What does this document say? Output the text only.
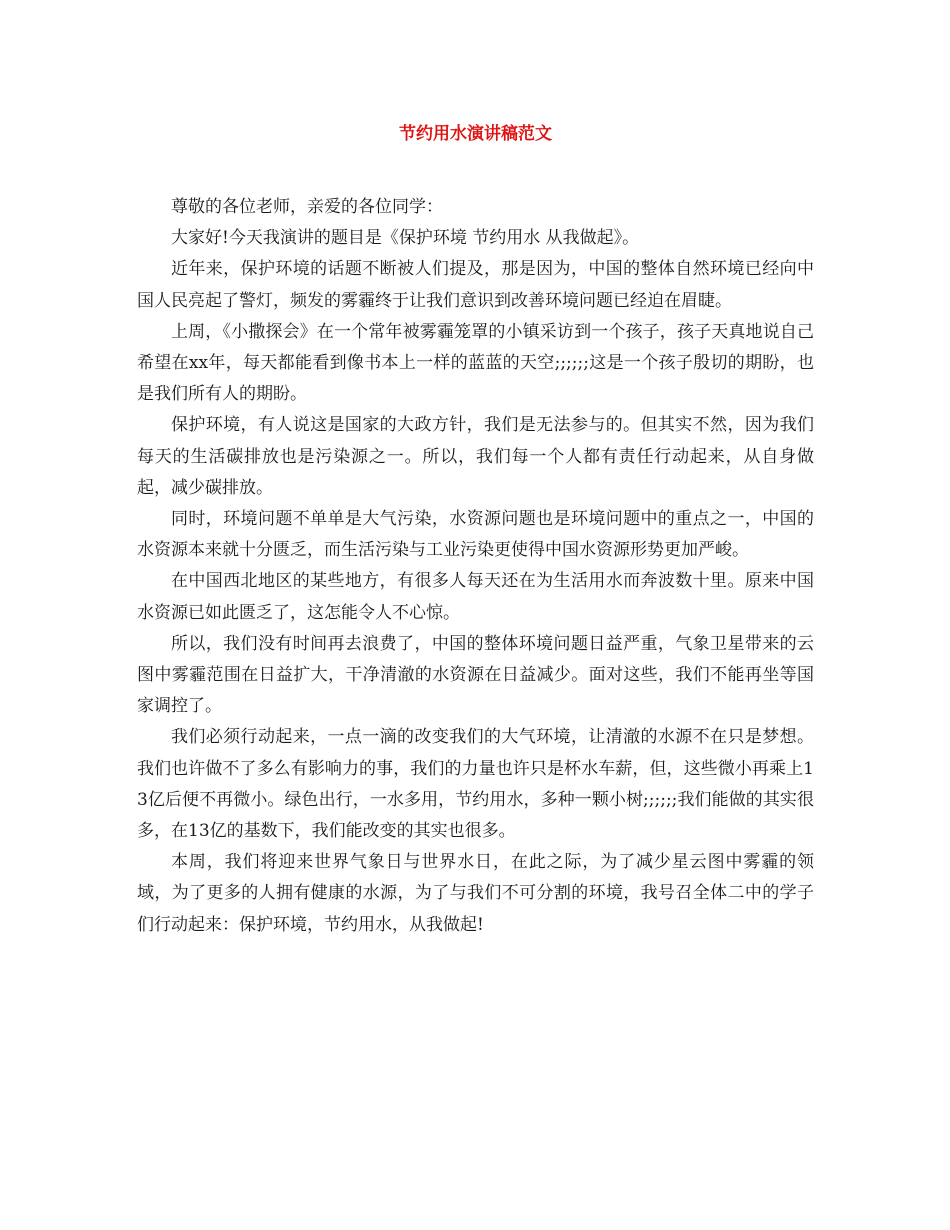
节约用水演讲稿范文

尊敬的各位老师，亲爱的各位同学：

大家好!今天我演讲的题目是《保护环境 节约用水 从我做起》。

近年来，保护环境的话题不断被人们提及，那是因为，中国的整体自然环境已经向中国人民亮起了警灯，频发的雾霾终于让我们意识到改善环境问题已经迫在眉睫。

上周，《小撒探会》在一个常年被雾霾笼罩的小镇采访到一个孩子，孩子天真地说自己希望在xx年，每天都能看到像书本上一样的蓝蓝的天空;;;;;;这是一个孩子殷切的期盼，也是我们所有人的期盼。

保护环境，有人说这是国家的大政方针，我们是无法参与的。但其实不然，因为我们每天的生活碳排放也是污染源之一。所以，我们每一个人都有责任行动起来，从自身做起，减少碳排放。

同时，环境问题不单单是大气污染，水资源问题也是环境问题中的重点之一，中国的水资源本来就十分匮乏，而生活污染与工业污染更使得中国水资源形势更加严峻。

在中国西北地区的某些地方，有很多人每天还在为生活用水而奔波数十里。原来中国水资源已如此匮乏了，这怎能令人不心惊。

所以，我们没有时间再去浪费了，中国的整体环境问题日益严重，气象卫星带来的云图中雾霾范围在日益扩大，干净清澈的水资源在日益减少。面对这些，我们不能再坐等国家调控了。

我们必须行动起来，一点一滴的改变我们的大气环境，让清澈的水源不在只是梦想。我们也许做不了多么有影响力的事，我们的力量也许只是杯水车薪，但，这些微小再乘上13亿后便不再微小。绿色出行，一水多用，节约用水，多种一颗小树;;;;;;我们能做的其实很多，在13亿的基数下，我们能改变的其实也很多。

本周，我们将迎来世界气象日与世界水日，在此之际，为了减少星云图中雾霾的领域，为了更多的人拥有健康的水源，为了与我们不可分割的环境，我号召全体二中的学子们行动起来：保护环境，节约用水，从我做起!
